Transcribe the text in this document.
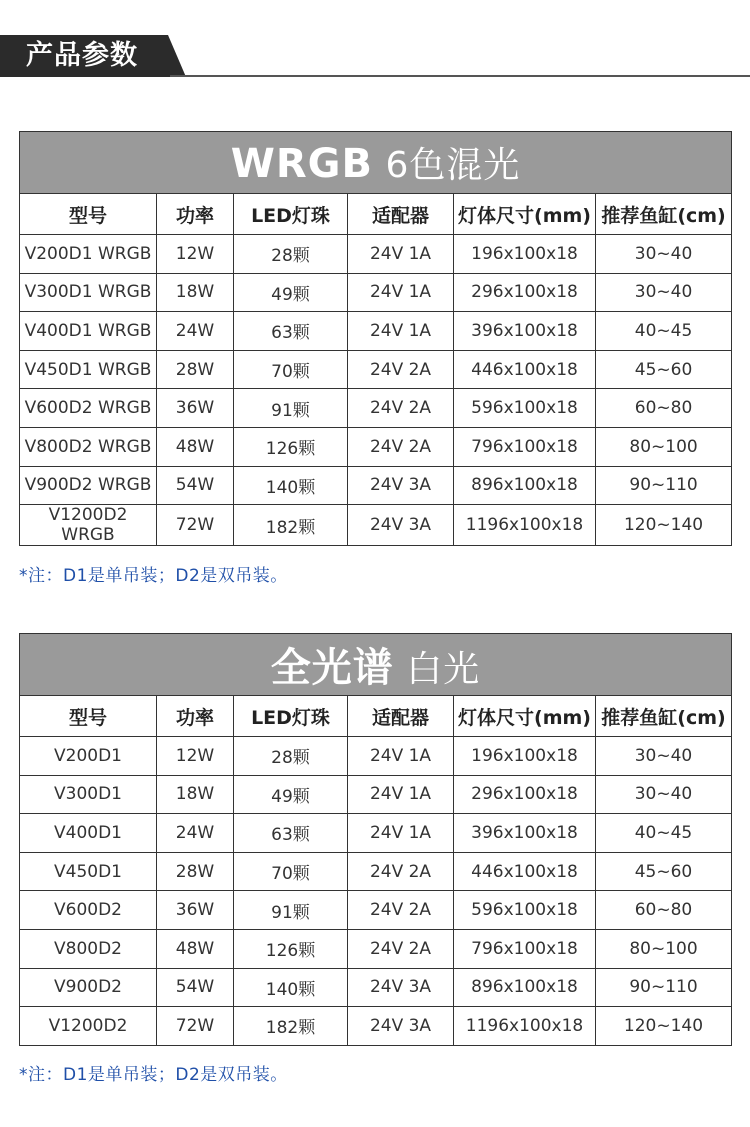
产品参数
WRGB 6色混光					
型号	功率	LED灯珠	适配器	灯体尺寸(mm)	推荐鱼缸(cm)
V200D1 WRGB	12W	28颗	24V 1A	196x100x18	30~40
V300D1 WRGB	18W	49颗	24V 1A	296x100x18	30~40
V400D1 WRGB	24W	63颗	24V 1A	396x100x18	40~45
V450D1 WRGB	28W	70颗	24V 2A	446x100x18	45~60
V600D2 WRGB	36W	91颗	24V 2A	596x100x18	60~80
V800D2 WRGB	48W	126颗	24V 2A	796x100x18	80~100
V900D2 WRGB	54W	140颗	24V 3A	896x100x18	90~110
V1200D2 WRGB	72W	182颗	24V 3A	1196x100x18	120~140
*注：D1是单吊装；D2是双吊装。
全光谱 白光					
型号	功率	LED灯珠	适配器	灯体尺寸(mm)	推荐鱼缸(cm)
V200D1	12W	28颗	24V 1A	196x100x18	30~40
V300D1	18W	49颗	24V 1A	296x100x18	30~40
V400D1	24W	63颗	24V 1A	396x100x18	40~45
V450D1	28W	70颗	24V 2A	446x100x18	45~60
V600D2	36W	91颗	24V 2A	596x100x18	60~80
V800D2	48W	126颗	24V 2A	796x100x18	80~100
V900D2	54W	140颗	24V 3A	896x100x18	90~110
V1200D2	72W	182颗	24V 3A	1196x100x18	120~140
*注：D1是单吊装；D2是双吊装。
